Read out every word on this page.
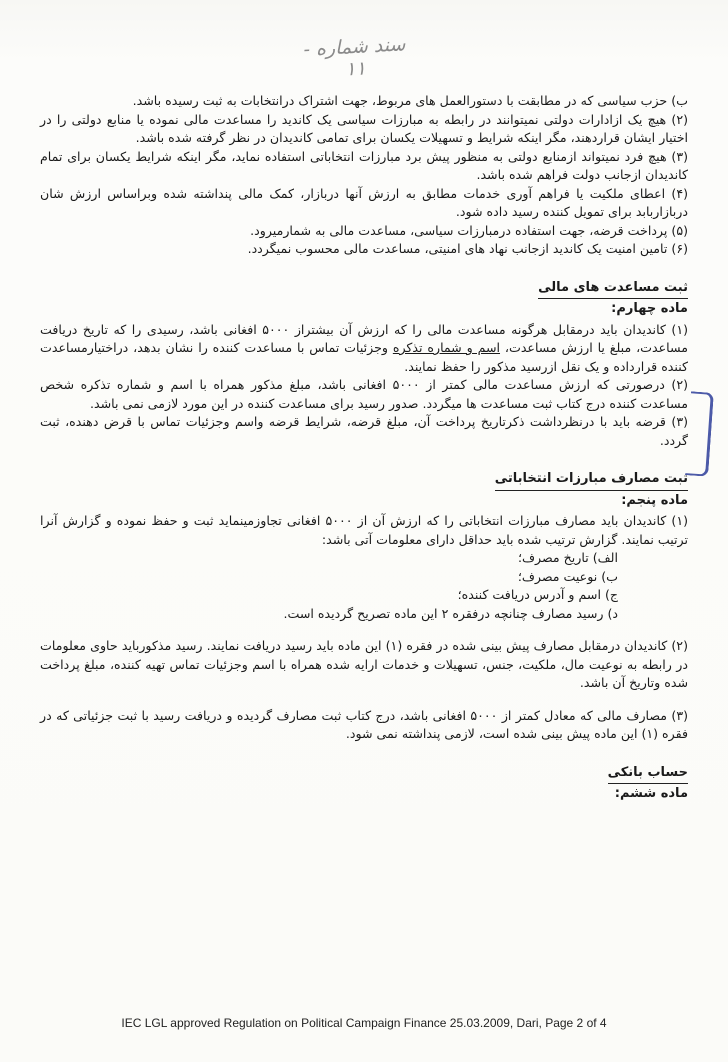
سند شماره - ۱۱

ب) حزب سیاسی که در مطابقت با دستورالعمل های مربوط، جهت اشتراک درانتخابات به ثبت رسیده باشد.

(۲) هیچ یک ازادارات دولتی نمیتوانند در رابطه به مبارزات سیاسی یک کاندید را مساعدت مالی نموده یا منابع دولتی را در اختیار ایشان قراردهند، مگر اینکه شرایط و تسهیلات یکسان برای تمامی کاندیدان در نظر گرفته شده باشد.

(۳) هیچ فرد نمیتواند ازمنابع دولتی به منظور پیش برد مبارزات انتخاباتی استفاده نماید، مگر اینکه شرایط یکسان برای تمام کاندیدان ازجانب دولت فراهم شده باشد.

(۴) اعطای ملکیت یا فراهم آوری خدمات مطابق به ارزش آنها دربازار، کمک مالی پنداشته شده وبراساس ارزش شان دربازاربابد برای تمویل کننده رسید داده شود.

(۵) پرداخت قرضه، جهت استفاده درمبارزات سیاسی، مساعدت مالی به شمارمیرود.

(۶) تامین امنیت یک کاندید ازجانب نهاد های امنیتی، مساعدت مالی محسوب نمیگردد.

ثبت مساعدت های مالی
ماده چهارم:

(۱) کاندیدان باید درمقابل هرگونه مساعدت مالی را که ارزش آن بیشتراز ۵۰۰۰ افغانی باشد، رسیدی را که تاریخ دریافت مساعدت، مبلغ یا ارزش مساعدت، اسم و شماره تذکره وجزئیات تماس با مساعدت کننده را نشان بدهد، دراختیارمساعدت کننده قرارداده و یک نقل ازرسید مذکور را حفظ نمایند.

(۲) درصورتی که ارزش مساعدت مالی کمتر از ۵۰۰۰ افغانی باشد، مبلغ مذکور همراه با اسم و شماره تذکره شخص مساعدت کننده درج کتاب ثبت مساعدت ها میگردد. صدور رسید برای مساعدت کننده در این مورد لازمی نمی باشد.

(۳) قرضه باید با درنظرداشت ذکرتاریخ پرداخت آن، مبلغ قرضه، شرایط قرضه واسم وجزئیات تماس با قرض دهنده، ثبت گردد.

ثبت مصارف مبارزات انتخاباتی
ماده پنجم:

(۱) کاندیدان باید مصارف مبارزات انتخاباتی را که ارزش آن از ۵۰۰۰ افغانی تجاوزمینماید ثبت و حفظ نموده و گزارش آنرا ترتیب نمایند. گزارش ترتیب شده باید حداقل دارای معلومات آتی باشد:

الف) تاریخ مصرف؛
ب) نوعیت مصرف؛
ج) اسم و آدرس دریافت کننده؛
د) رسید مصارف چنانچه درفقره ۲ این ماده تصریح گردیده است.

(۲) کاندیدان درمقابل مصارف پیش بینی شده در فقره (۱) این ماده باید رسید دریافت نمایند. رسید مذکورباید حاوی معلومات در رابطه به نوعیت مال، ملکیت، جنس، تسهیلات و خدمات ارایه شده همراه با اسم وجزئیات تماس تهیه کننده، مبلغ پرداخت شده وتاریخ آن باشد.

(۳) مصارف مالی که معادل کمتر از ۵۰۰۰ افغانی باشد، درج کتاب ثبت مصارف گردیده و دریافت رسید با ثبت جزئیاتی که در فقره (۱) این ماده پیش بینی شده است، لازمی پنداشته نمی شود.

حساب بانکی
ماده ششم:
IEC LGL approved Regulation on Political Campaign Finance 25.03.2009, Dari, Page 2 of 4
